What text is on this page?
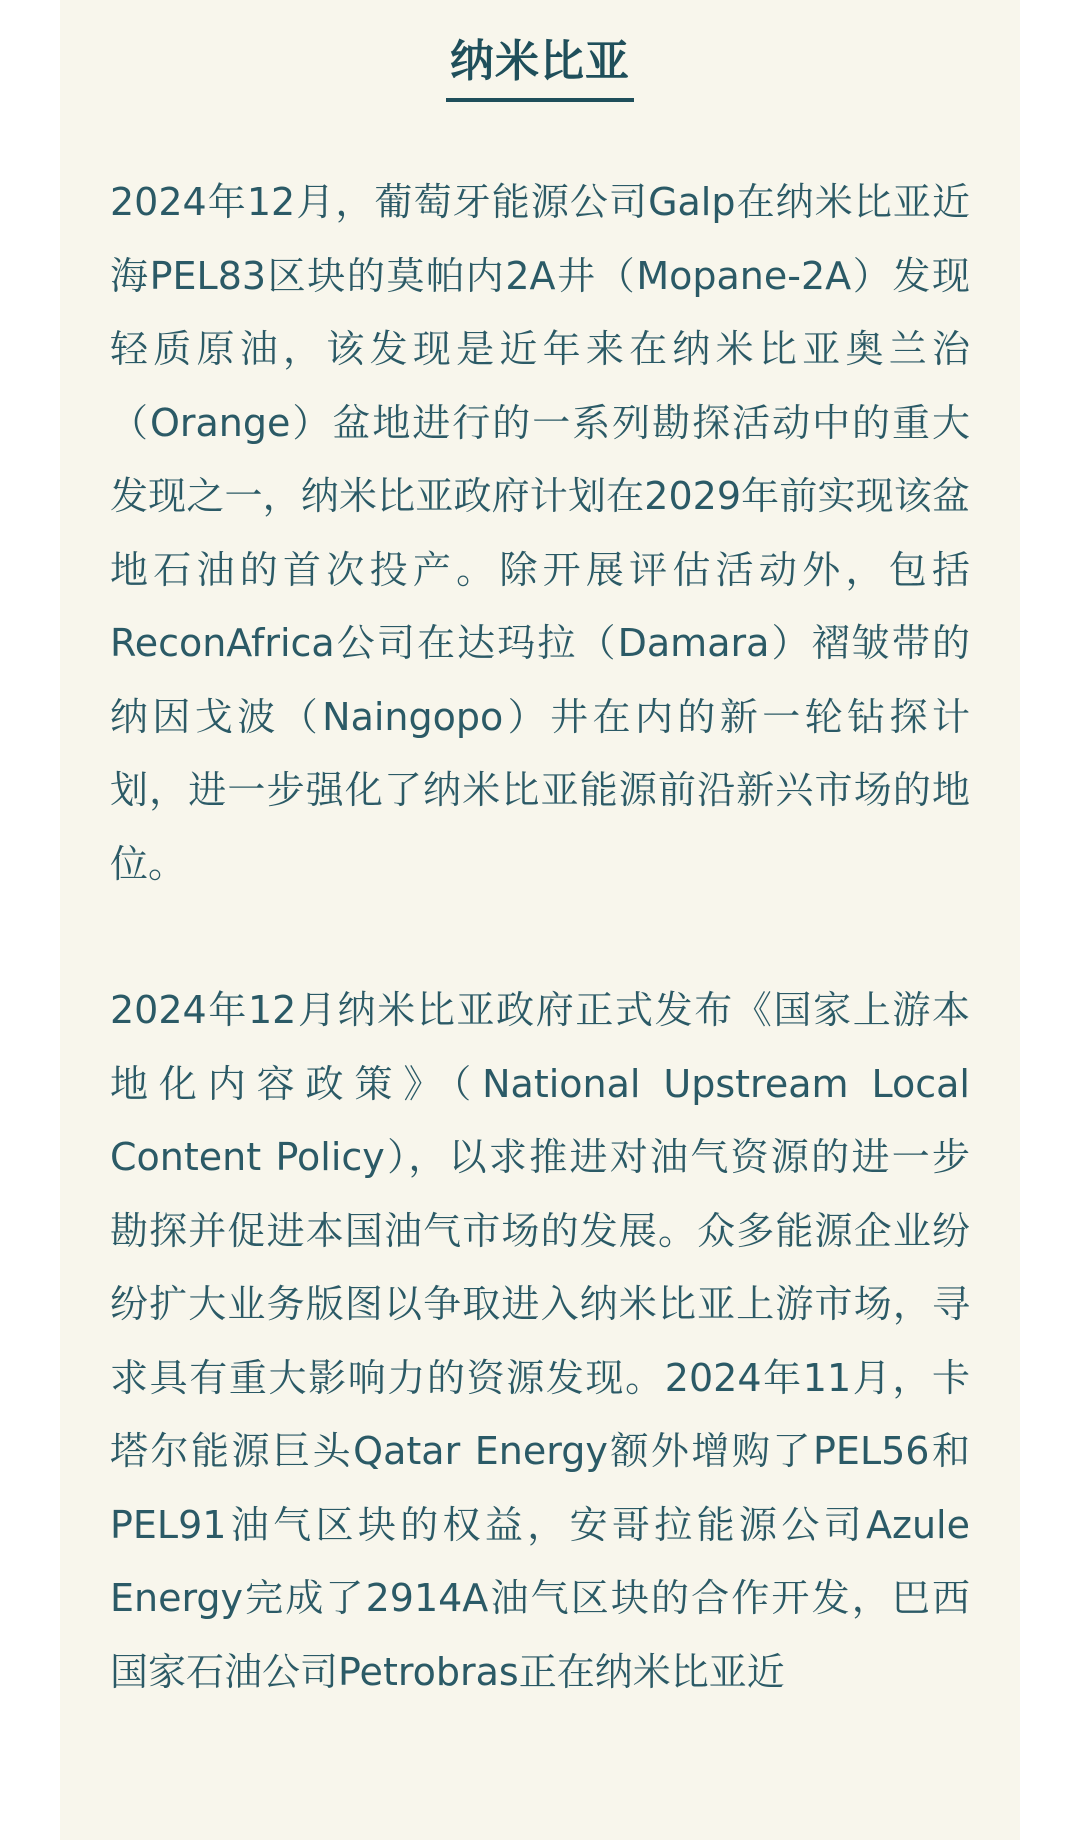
纳米比亚

2024年12月，葡萄牙能源公司Galp在纳米比亚近海PEL83区块的莫帕内2A井（Mopane-2A）发现轻质原油，该发现是近年来在纳米比亚奥兰治（Orange）盆地进行的一系列勘探活动中的重大发现之一，纳米比亚政府计划在2029年前实现该盆地石油的首次投产。除开展评估活动外，包括ReconAfrica公司在达玛拉（Damara）褶皱带的纳因戈波（Naingopo）井在内的新一轮钻探计划，进一步强化了纳米比亚能源前沿新兴市场的地位。

2024年12月纳米比亚政府正式发布《国家上游本地化内容政策》（National Upstream Local Content Policy），以求推进对油气资源的进一步勘探并促进本国油气市场的发展。众多能源企业纷纷扩大业务版图以争取进入纳米比亚上游市场，寻求具有重大影响力的资源发现。2024年11月，卡塔尔能源巨头Qatar Energy额外增购了PEL56和PEL91油气区块的权益，安哥拉能源公司Azule Energy完成了2914A油气区块的合作开发，巴西国家石油公司Petrobras正在纳米比亚近
